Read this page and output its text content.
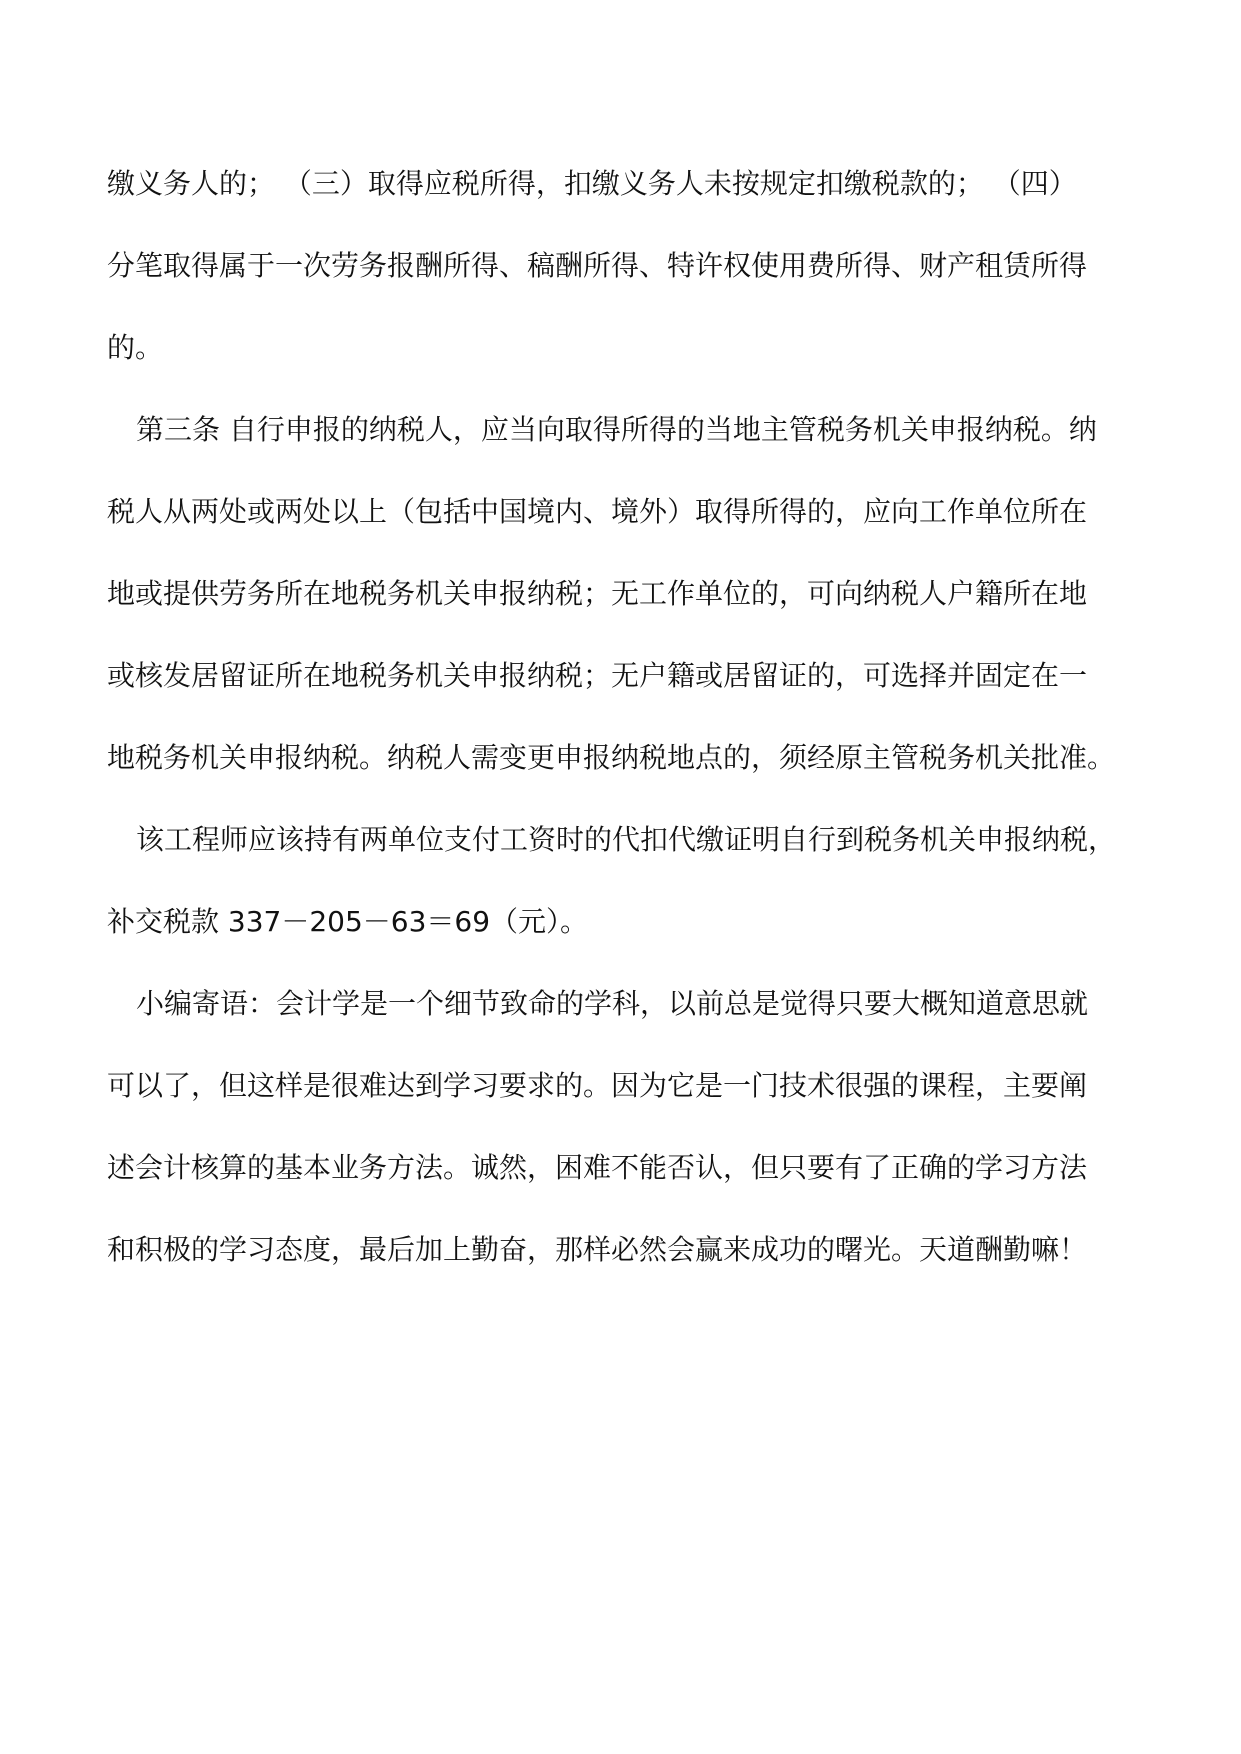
缴义务人的； （三）取得应税所得，扣缴义务人未按规定扣缴税款的； （四）
分笔取得属于一次劳务报酬所得、稿酬所得、特许权使用费所得、财产租赁所得
的。
第三条 自行申报的纳税人，应当向取得所得的当地主管税务机关申报纳税。纳
税人从两处或两处以上（包括中国境内、境外）取得所得的，应向工作单位所在
地或提供劳务所在地税务机关申报纳税；无工作单位的，可向纳税人户籍所在地
或核发居留证所在地税务机关申报纳税；无户籍或居留证的，可选择并固定在一
地税务机关申报纳税。纳税人需变更申报纳税地点的，须经原主管税务机关批准。
该工程师应该持有两单位支付工资时的代扣代缴证明自行到税务机关申报纳税，
补交税款 337－205－63＝69（元）。
小编寄语：会计学是一个细节致命的学科，以前总是觉得只要大概知道意思就
可以了，但这样是很难达到学习要求的。因为它是一门技术很强的课程，主要阐
述会计核算的基本业务方法。诚然，困难不能否认，但只要有了正确的学习方法
和积极的学习态度，最后加上勤奋，那样必然会赢来成功的曙光。天道酬勤嘛！
